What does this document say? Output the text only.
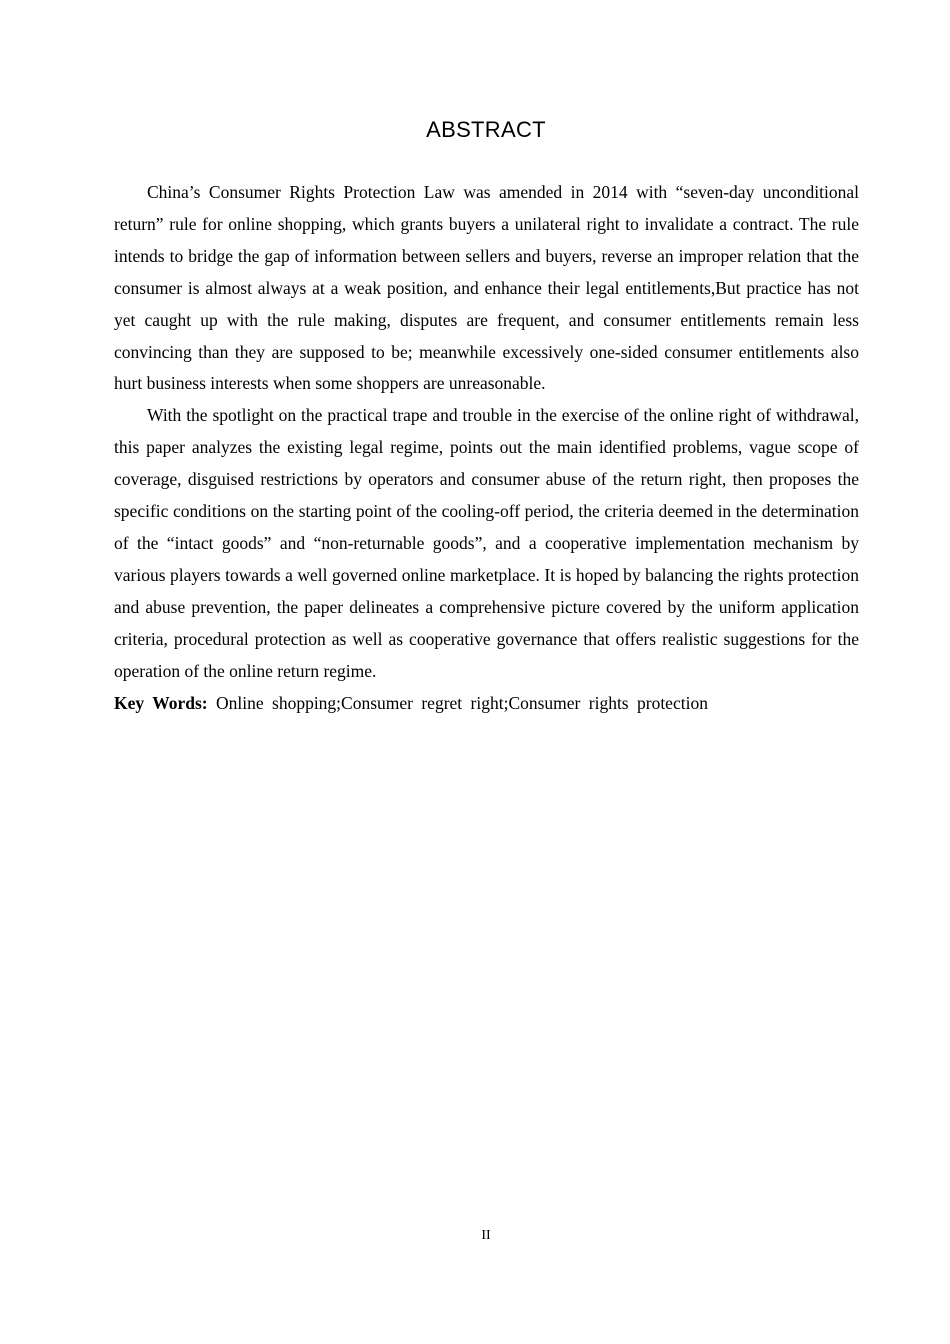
ABSTRACT

China’s Consumer Rights Protection Law was amended in 2014 with “seven-day unconditional return” rule for online shopping, which grants buyers a unilateral right to invalidate a contract. The rule intends to bridge the gap of information between sellers and buyers, reverse an improper relation that the consumer is almost always at a weak position, and enhance their legal entitlements,But practice has not yet caught up with the rule making, disputes are frequent, and consumer entitlements remain less convincing than they are supposed to be; meanwhile excessively one-sided consumer entitlements also hurt business interests when some shoppers are unreasonable.

With the spotlight on the practical trape and trouble in the exercise of the online right of withdrawal, this paper analyzes the existing legal regime, points out the main identified problems, vague scope of coverage, disguised restrictions by operators and consumer abuse of the return right, then proposes the specific conditions on the starting point of the cooling-off period, the criteria deemed in the determination of the “intact goods” and “non-returnable goods”, and a cooperative implementation mechanism by various players towards a well governed online marketplace. It is hoped by balancing the rights protection and abuse prevention, the paper delineates a comprehensive picture covered by the uniform application criteria, procedural protection as well as cooperative governance that offers realistic suggestions for the operation of the online return regime.

Key Words: Online shopping;Consumer regret right;Consumer rights protection

II
